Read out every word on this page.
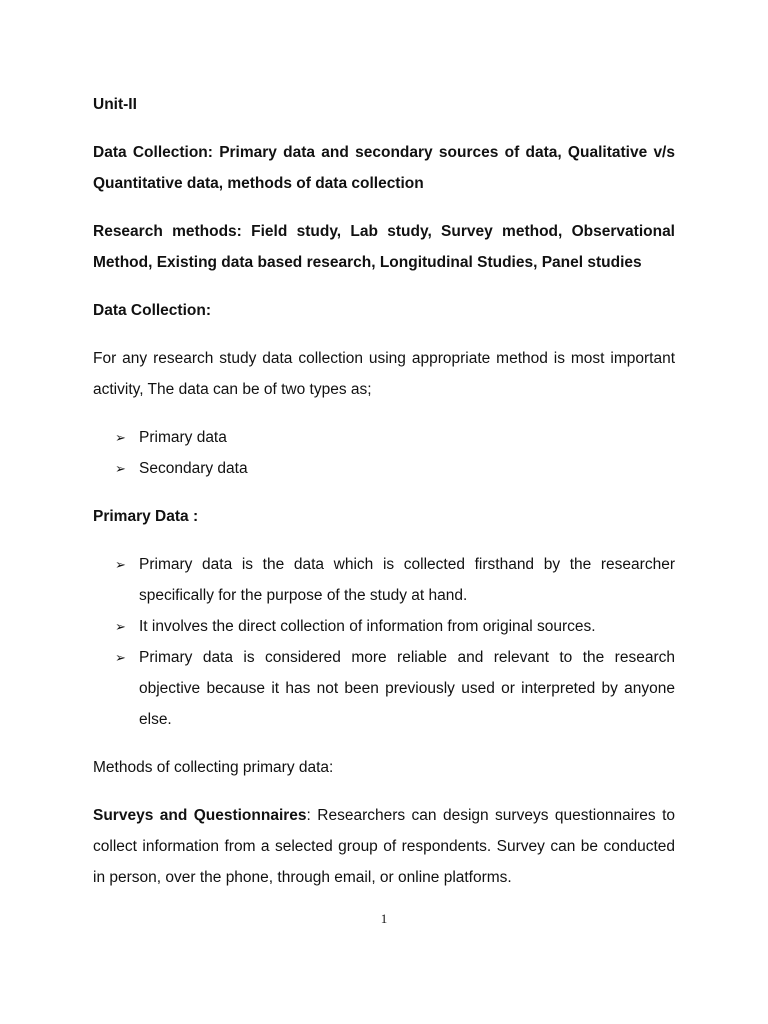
Unit-II

Data Collection: Primary data and secondary sources of data, Qualitative v/s Quantitative data, methods of data collection

Research methods: Field study, Lab study, Survey method, Observational Method, Existing data based research, Longitudinal Studies, Panel studies

Data Collection:

For any research study data collection using appropriate method is most important activity, The data can be of two types as;

➢ Primary data
➢ Secondary data

Primary Data :

➢ Primary data is the data which is collected firsthand by the researcher specifically for the purpose of the study at hand.
➢ It involves the direct collection of information from original sources.
➢ Primary data is considered more reliable and relevant to the research objective because it has not been previously used or interpreted by anyone else.

Methods of collecting primary data:

Surveys and Questionnaires: Researchers can design surveys questionnaires to collect information from a selected group of respondents. Survey can be conducted in person, over the phone, through email, or online platforms.

1
